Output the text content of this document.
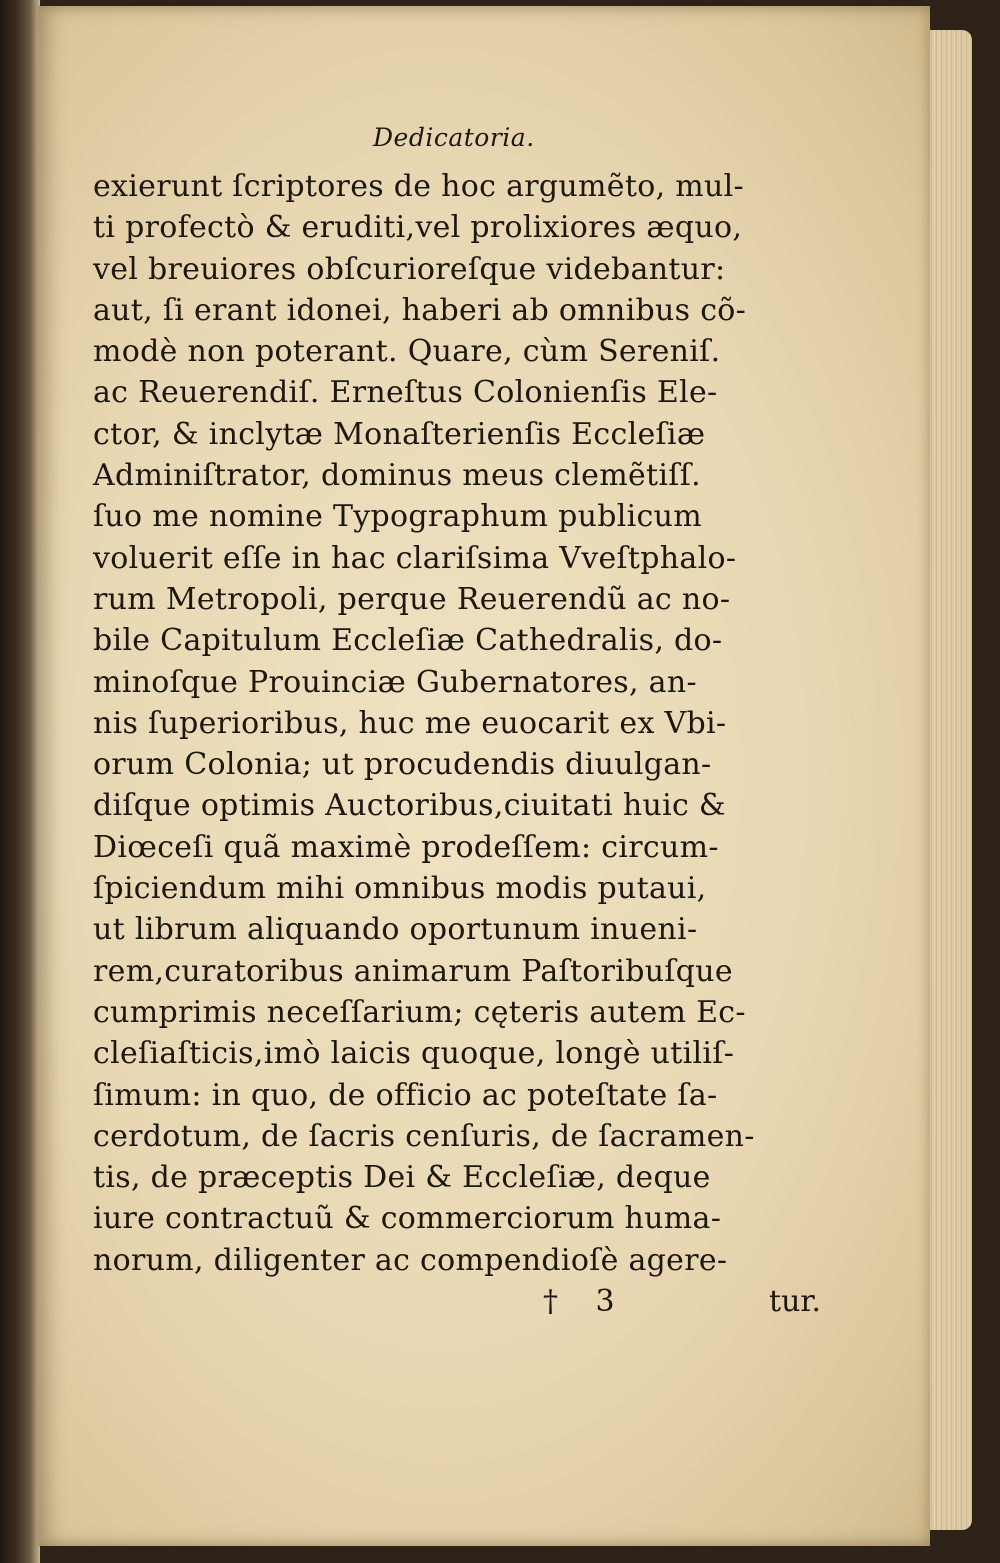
Dedicatoria.
exierunt ſcriptores de hoc argumẽto, mul-
ti profectò & eruditi,vel prolixiores æquo,
vel breuiores obſcurioreſque videbantur:
aut, ſi erant idonei, haberi ab omnibus cõ-
modè non poterant. Quare, cùm Sereniſ.
ac Reuerendiſ. Erneſtus Colonienſis Ele-
ctor, & inclytæ Monaſterienſis Eccleſiæ
Adminiſtrator, dominus meus clemẽtiſſ.
ſuo me nomine Typographum publicum
voluerit eſſe in hac clariſsima Vveſtphalo-
rum Metropoli, perque Reuerendũ ac no-
bile Capitulum Eccleſiæ Cathedralis, do-
minoſque Prouinciæ Gubernatores, an-
nis ſuperioribus, huc me euocarit ex Vbi-
orum Colonia; ut procudendis diuulgan-
diſque optimis Auctoribus,ciuitati huic &
Diœceſi quã maximè prodeſſem: circum-
ſpiciendum mihi omnibus modis putaui,
ut librum aliquando oportunum inueni-
rem,curatoribus animarum Paſtoribuſque
cumprimis neceſſarium; cęteris autem Ec-
cleſiaſticis,imò laicis quoque, longè utiliſ-
ſimum: in quo, de officio ac poteſtate ſa-
cerdotum, de ſacris cenſuris, de ſacramen-
tis, de præceptis Dei & Eccleſiæ, deque
iure contractuũ & commerciorum huma-
norum, diligenter ac compendioſè agere-
† 3	tur.
